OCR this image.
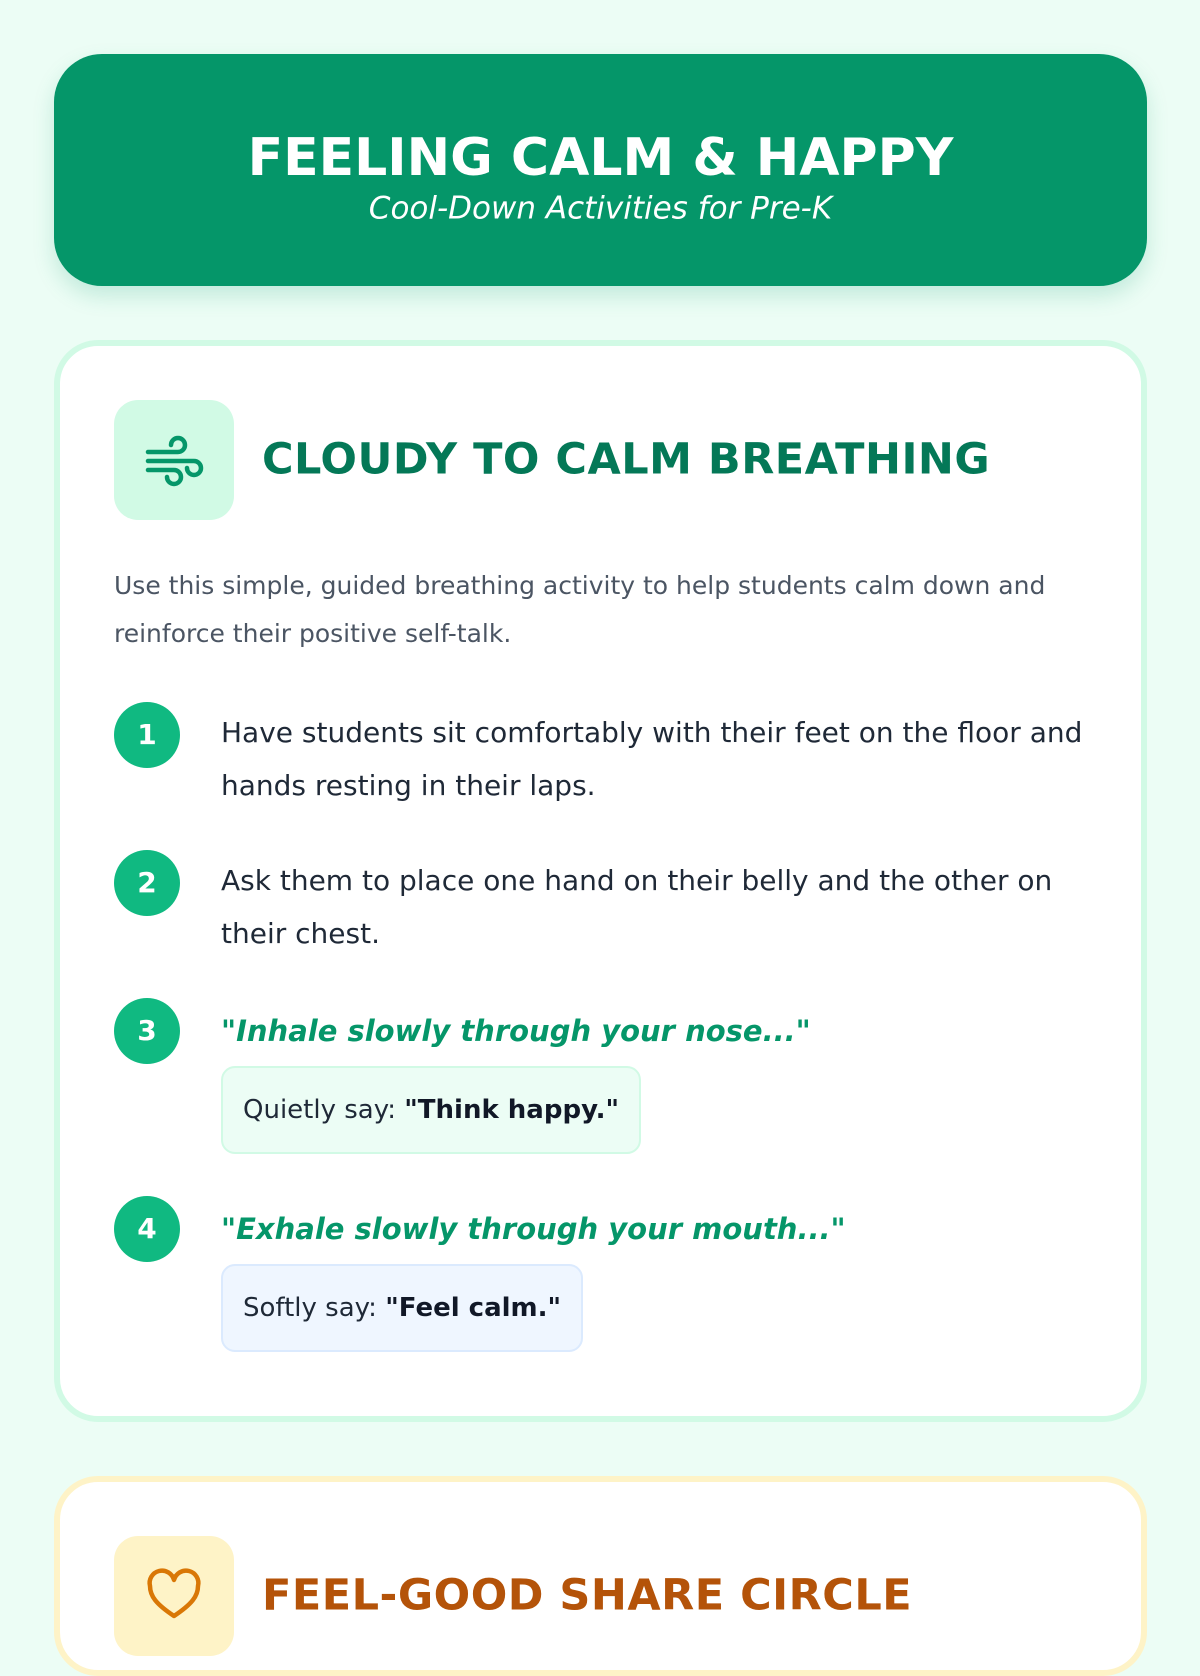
FEELING CALM & HAPPY
Cool-Down Activities for Pre-K
CLOUDY TO CALM BREATHING
Use this simple, guided breathing activity to help students calm down and reinforce their positive self-talk.
1	Have students sit comfortably with their feet on the floor and hands resting in their laps.
2	Ask them to place one hand on their belly and the other on their chest.
3	"Inhale slowly through your nose..."
Quietly say: "Think happy."
4	"Exhale slowly through your mouth..."
Softly say: "Feel calm."
FEEL-GOOD SHARE CIRCLE
